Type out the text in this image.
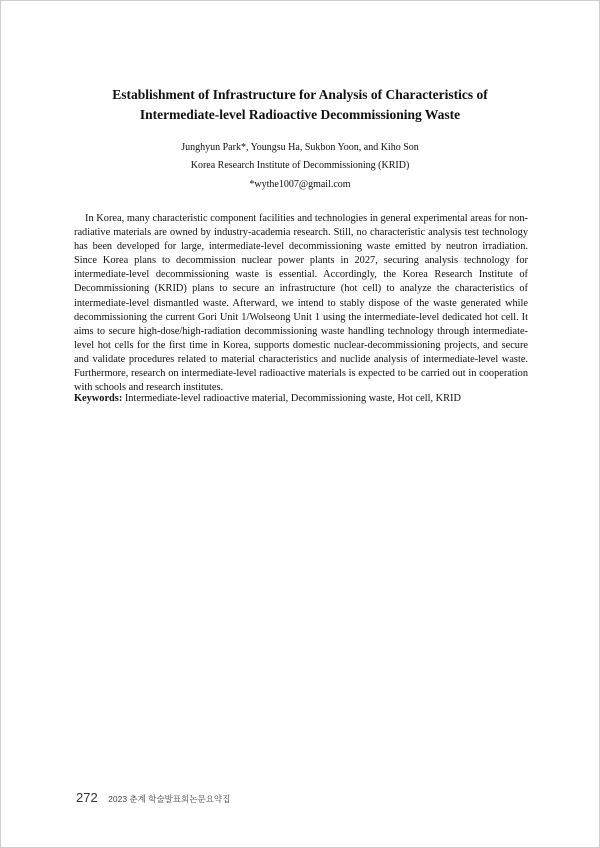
Establishment of Infrastructure for Analysis of Characteristics of
Intermediate-level Radioactive Decommissioning Waste
Junghyun Park*, Youngsu Ha, Sukbon Yoon, and Kiho Son
Korea Research Institute of Decommissioning (KRID)
*wythe1007@gmail.com

In Korea, many characteristic component facilities and technologies in general experimental areas for non-radiative materials are owned by industry-academia research. Still, no characteristic analysis test technology has been developed for large, intermediate-level decommissioning waste emitted by neutron irradiation. Since Korea plans to decommission nuclear power plants in 2027, securing analysis technology for intermediate-level decommissioning waste is essential. Accordingly, the Korea Research Institute of Decommissioning (KRID) plans to secure an infrastructure (hot cell) to analyze the characteristics of intermediate-level dismantled waste. Afterward, we intend to stably dispose of the waste generated while decommissioning the current Gori Unit 1/Wolseong Unit 1 using the intermediate-level dedicated hot cell. It aims to secure high-dose/high-radiation decommissioning waste handling technology through intermediate-level hot cells for the first time in Korea, supports domestic nuclear-decommissioning projects, and secure and validate procedures related to material characteristics and nuclide analysis of intermediate-level waste. Furthermore, research on intermediate-level radioactive materials is expected to be carried out in cooperation with schools and research institutes.

Keywords: Intermediate-level radioactive material, Decommissioning waste, Hot cell, KRID
272 2023 춘계 학술발표회논문요약집
